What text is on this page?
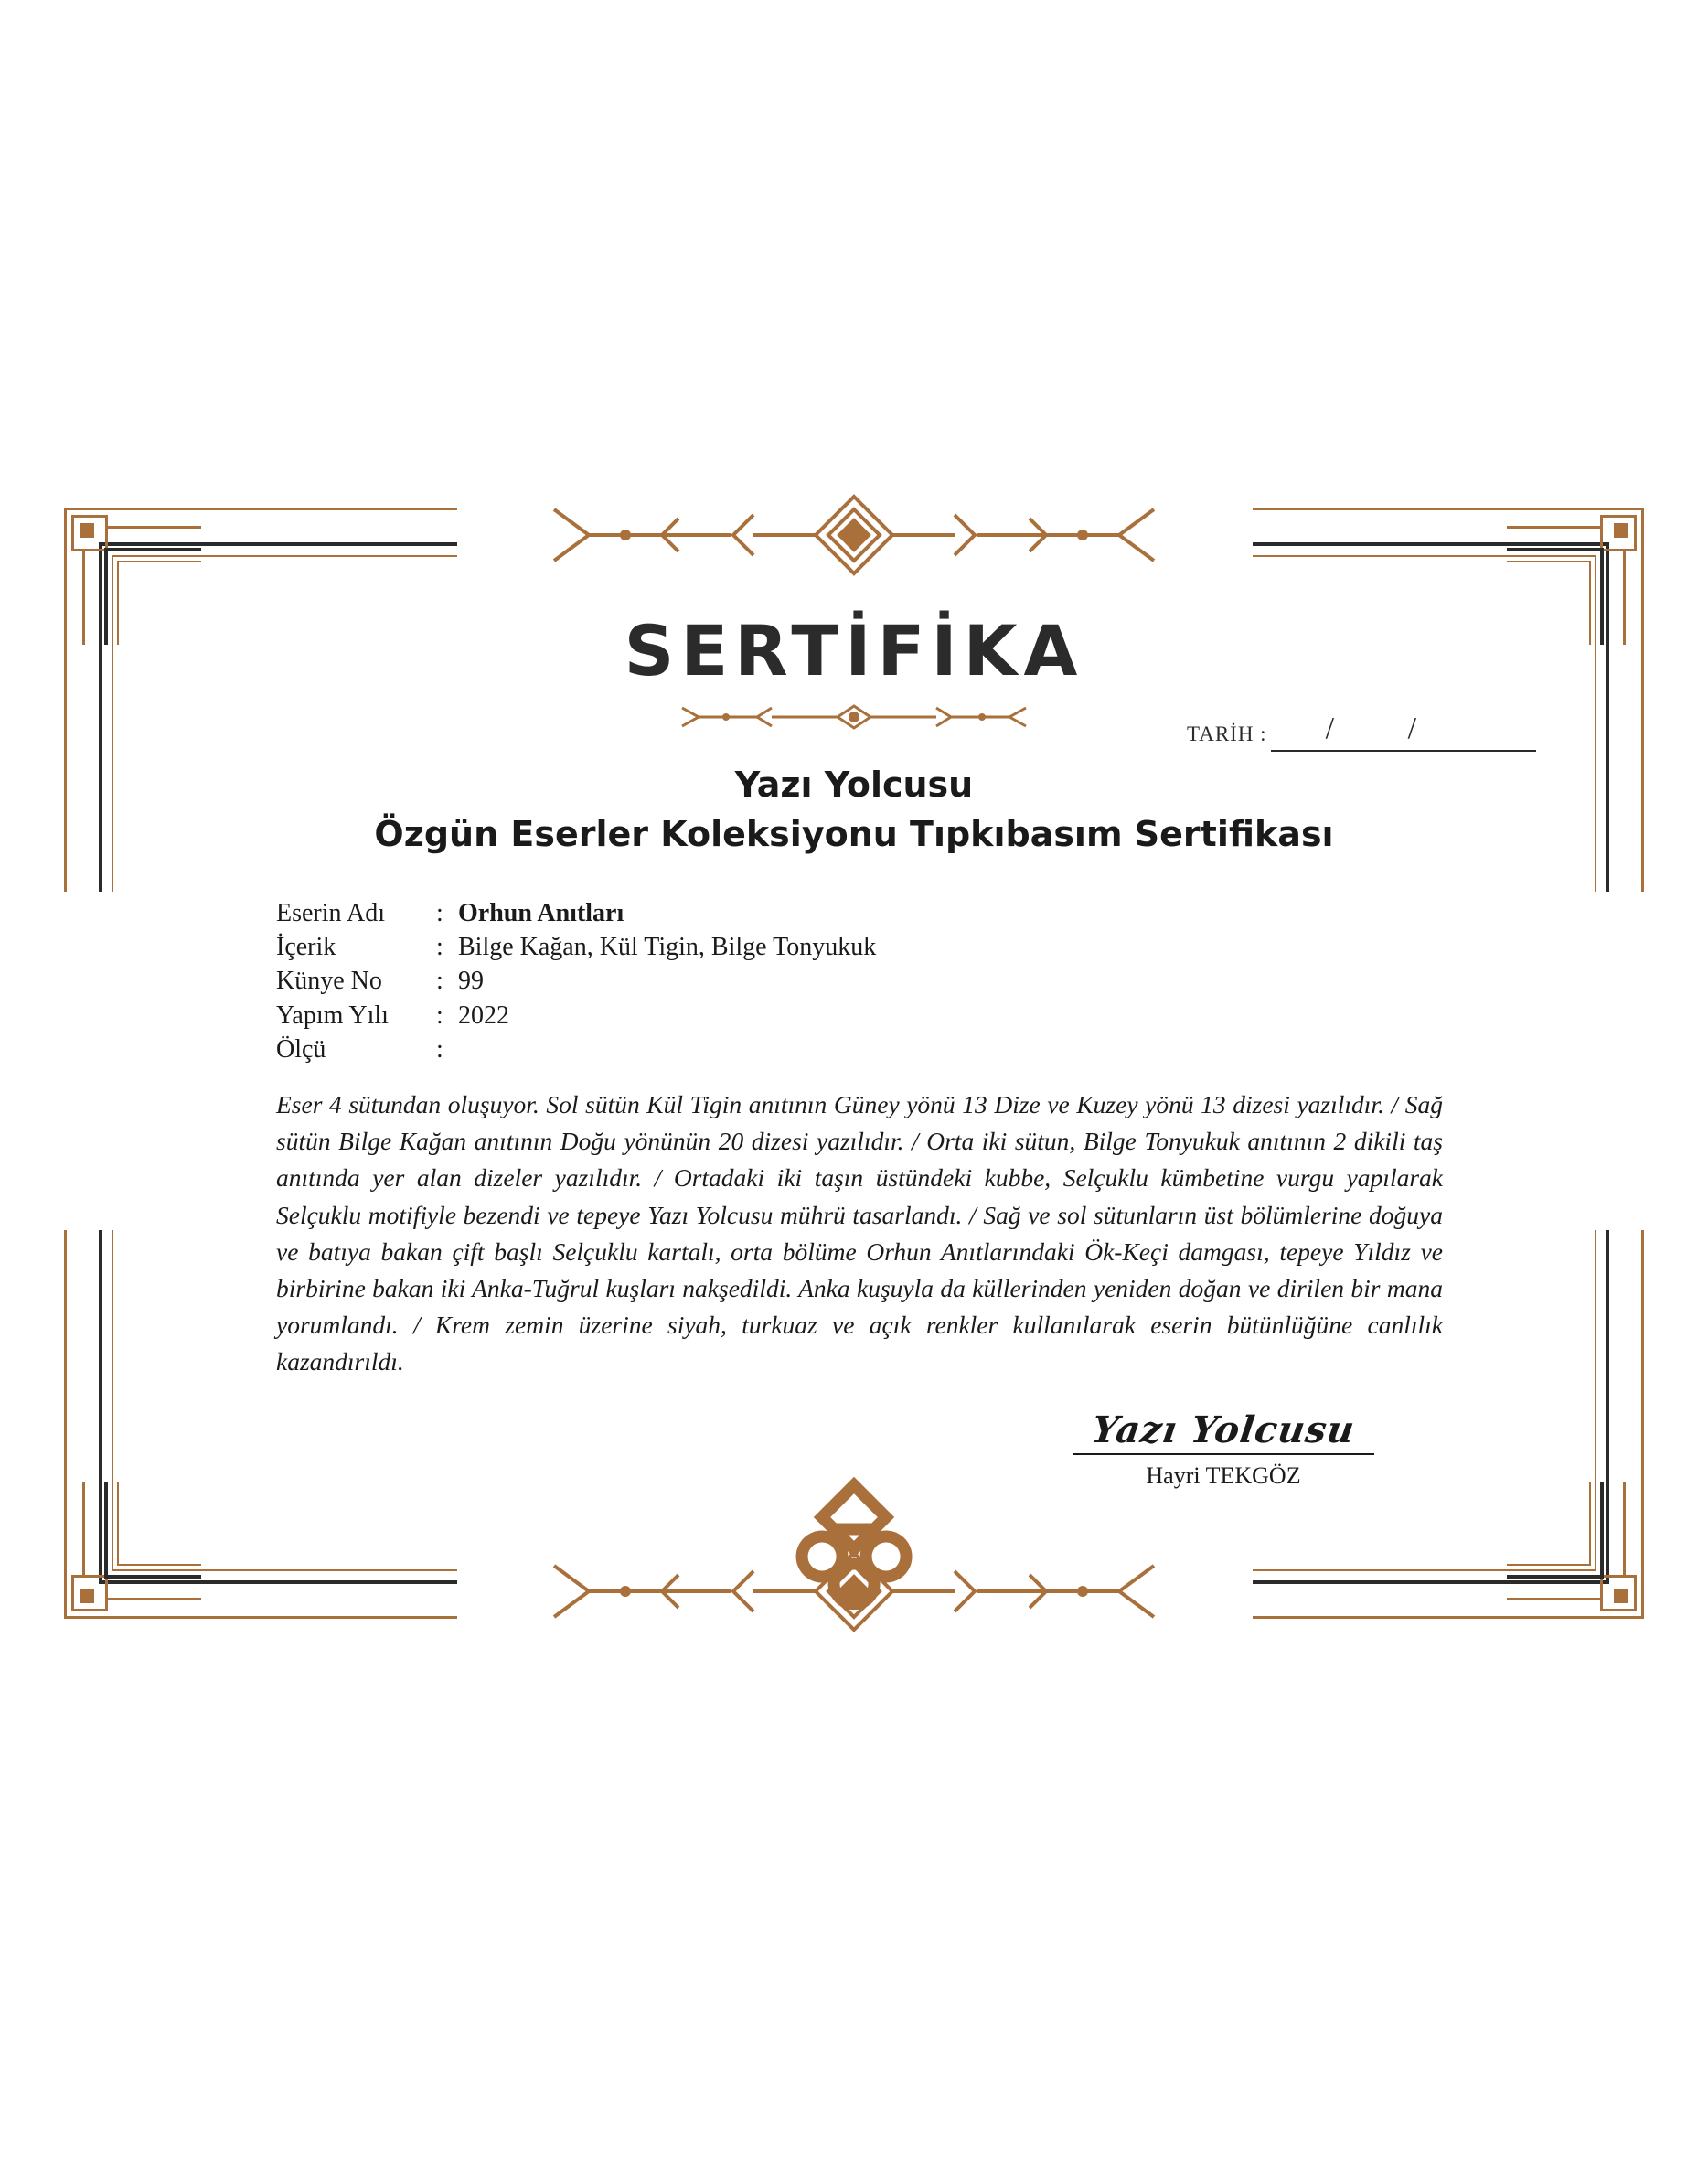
SERTİFİKA
TARİH : / /
Yazı Yolcusu
Özgün Eserler Koleksiyonu Tıpkıbasım Sertifikası
Eserin Adı	: Orhun Anıtları
İçerik	: Bilge Kağan, Kül Tigin, Bilge Tonyukuk
Künye No	: 99
Yapım Yılı	: 2022
Ölçü	:
Eser 4 sütundan oluşuyor. Sol sütün Kül Tigin anıtının Güney yönü 13 Dize ve Kuzey yönü 13 dizesi yazılıdır. / Sağ sütün Bilge Kağan anıtının Doğu yönünün 20 dizesi yazılıdır. / Orta iki sütun, Bilge Tonyukuk anıtının 2 dikili taş anıtında yer alan dizeler yazılıdır. / Ortadaki iki taşın üstündeki kubbe, Selçuklu kümbetine vurgu yapılarak Selçuklu motifiyle bezendi ve tepeye Yazı Yolcusu mührü tasarlandı. / Sağ ve sol sütunların üst bölümlerine doğuya ve batıya bakan çift başlı Selçuklu kartalı, orta bölüme Orhun Anıtlarındaki Ök-Keçi damgası, tepeye Yıldız ve birbirine bakan iki Anka-Tuğrul kuşları nakşedildi. Anka kuşuyla da küllerinden yeniden doğan ve dirilen bir mana yorumlandı. / Krem zemin üzerine siyah, turkuaz ve açık renkler kullanılarak eserin bütünlüğüne canlılık kazandırıldı.
Yazı Yolcusu
Hayri TEKGÖZ
